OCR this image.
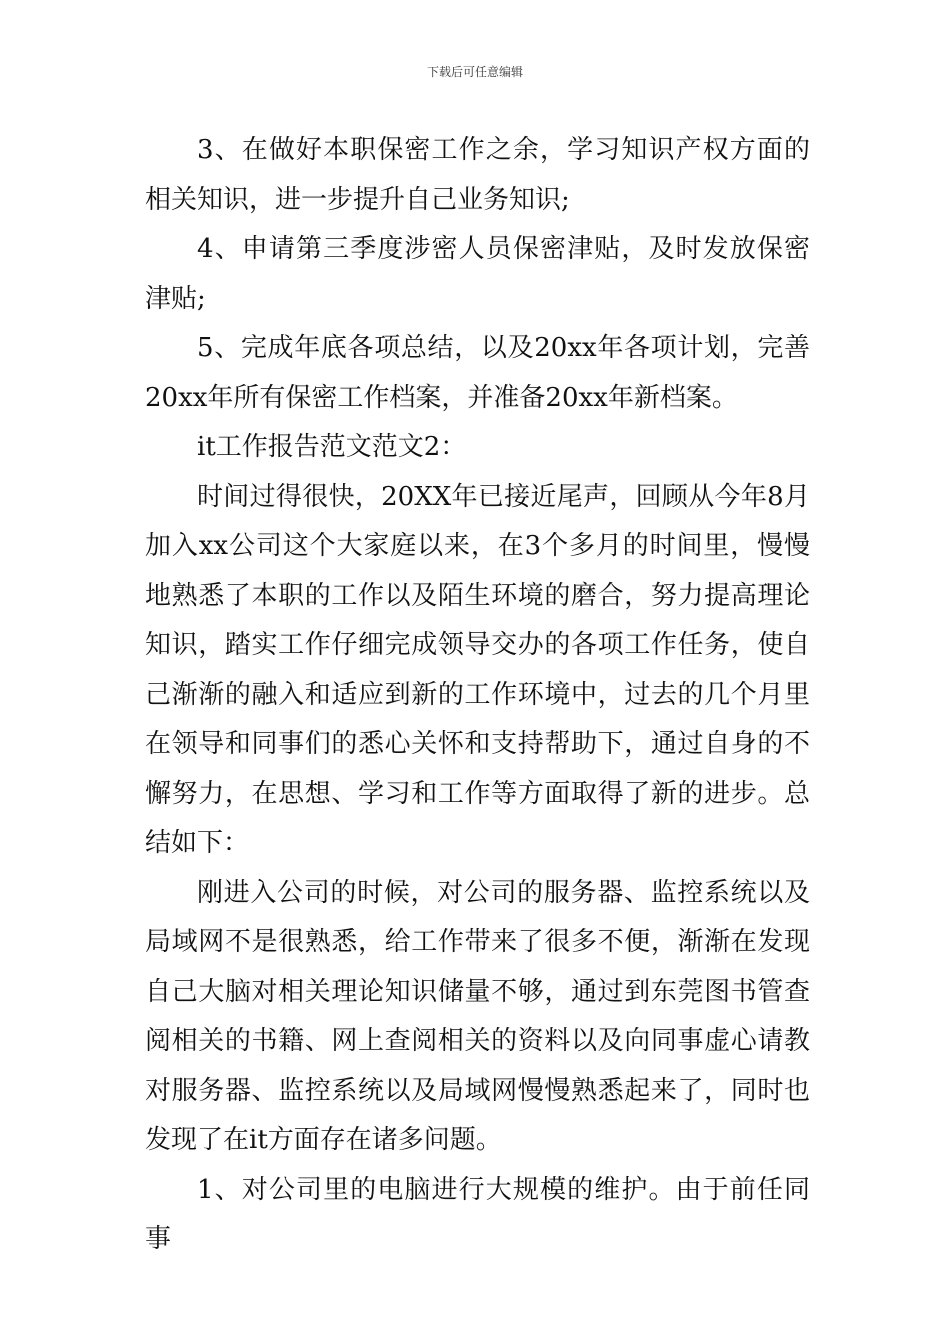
下载后可任意编辑

3、在做好本职保密工作之余，学习知识产权方面的相关知识，进一步提升自己业务知识;

4、申请第三季度涉密人员保密津贴，及时发放保密津贴;

5、完成年底各项总结，以及20xx年各项计划，完善20xx年所有保密工作档案，并准备20xx年新档案。

it工作报告范文范文2：

时间过得很快，20XX年已接近尾声，回顾从今年8月加入xx公司这个大家庭以来，在3个多月的时间里，慢慢地熟悉了本职的工作以及陌生环境的磨合，努力提高理论知识，踏实工作仔细完成领导交办的各项工作任务，使自己渐渐的融入和适应到新的工作环境中，过去的几个月里在领导和同事们的悉心关怀和支持帮助下，通过自身的不懈努力，在思想、学习和工作等方面取得了新的进步。总结如下：

刚进入公司的时候，对公司的服务器、监控系统以及局域网不是很熟悉，给工作带来了很多不便，渐渐在发现自己大脑对相关理论知识储量不够，通过到东莞图书管查阅相关的书籍、网上查阅相关的资料以及向同事虚心请教对服务器、监控系统以及局域网慢慢熟悉起来了，同时也发现了在it方面存在诸多问题。

1、对公司里的电脑进行大规模的维护。由于前任同事
